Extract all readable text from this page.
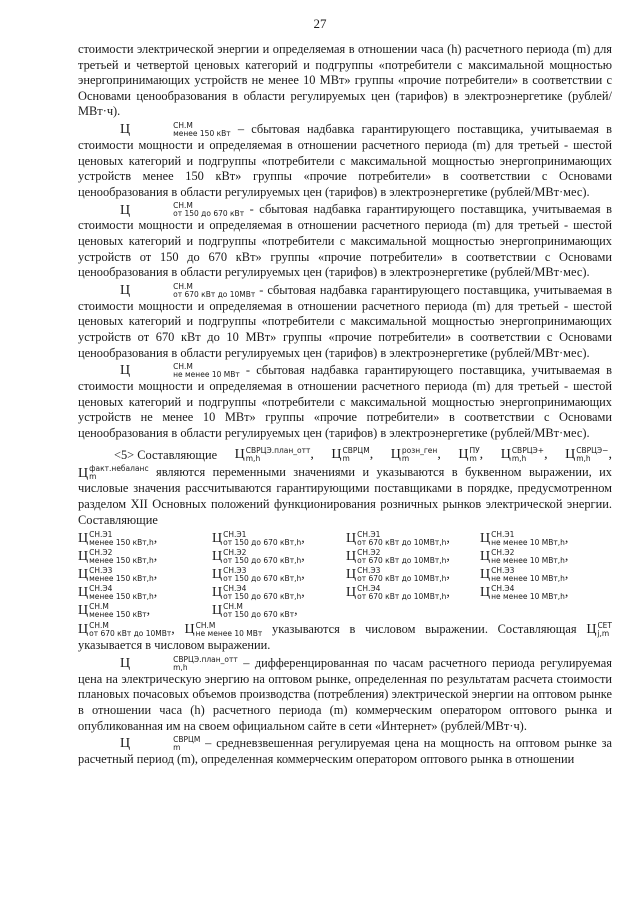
27

стоимости электрической энергии и определяемая в отношении часа (h) расчетного периода (m) для третьей и четвертой ценовых категорий и подгруппы «потребители с максимальной мощностью энергопринимающих устройств не менее 10 МВт» группы «прочие потребители» в соответствии с Основами ценообразования в области регулируемых цен (тарифов) в электроэнергетике (рублей/МВт·ч).

Ц	СН.М
менее 150 кВт – сбытовая надбавка гарантирующего поставщика, учитываемая в стоимости мощности и определяемая в отношении расчетного периода (m) для третьей - шестой ценовых категорий и подгруппы «потребители с максимальной мощностью энергопринимающих устройств менее 150 кВт» группы «прочие потребители» в соответствии с Основами ценообразования в области регулируемых цен (тарифов) в электроэнергетике (рублей/МВт·мес).

Ц	СН.М
от 150 до 670 кВт - сбытовая надбавка гарантирующего поставщика, учитываемая в стоимости мощности и определяемая в отношении расчетного периода (m) для третьей - шестой ценовых категорий и подгруппы «потребители с максимальной мощностью энергопринимающих устройств от 150 до 670 кВт» группы «прочие потребители» в соответствии с Основами ценообразования в области регулируемых цен (тарифов) в электроэнергетике (рублей/МВт·мес).

Ц	СН.М
от 670 кВт до 10МВт - сбытовая надбавка гарантирующего поставщика, учитываемая в стоимости мощности и определяемая в отношении расчетного периода (m) для третьей - шестой ценовых категорий и подгруппы «потребители с максимальной мощностью энергопринимающих устройств от 670 кВт до 10 МВт» группы «прочие потребители» в соответствии с Основами ценообразования в области регулируемых цен (тарифов) в электроэнергетике (рублей/МВт·мес).

Ц	СН.М
не менее 10 МВт - сбытовая надбавка гарантирующего поставщика, учитываемая в стоимости мощности и определяемая в отношении расчетного периода (m) для третьей - шестой ценовых категорий и подгруппы «потребители с максимальной мощностью энергопринимающих устройств не менее 10 МВт» группы «прочие потребители» в соответствии с Основами ценообразования в области регулируемых цен (тарифов) в электроэнергетике (рублей/МВт·мес).

<5> Составляющие Ц СВРЦЭ.план_отт
m,h	, Ц СВРЦМ
m	, Ц розн_ген
m	, Ц ПУ
m , Ц СВРЦЭ+
m,h	, Ц СВРЦЭ−
m,h	,

Ц факт.небаланс
m	являются переменными значениями и указываются в буквенном выражении, их числовые значения рассчитываются гарантирующими поставщиками в порядке, предусмотренном разделом XII Основных положений функционирования розничных рынков электрической энергии. Составляющие

Ц СН.Э1
менее 150 кВт,h ,	Ц СН.Э1
от 150 до 670 кВт,h ,	Ц СН.Э1
от 670 кВт до 10МВт,h ,	Ц СН.Э1
не менее 10 МВт,h ,
Ц СН.Э2
менее 150 кВт,h ,	Ц СН.Э2
от 150 до 670 кВт,h ,	Ц СН.Э2
от 670 кВт до 10МВт,h ,	Ц СН.Э2
не менее 10 МВт,h ,
Ц СН.Э3
менее 150 кВт,h ,	Ц СН.Э3
от 150 до 670 кВт,h ,	Ц СН.Э3
от 670 кВт до 10МВт,h ,	Ц СН.Э3
не менее 10 МВт,h ,
Ц СН.Э4
менее 150 кВт,h ,	Ц СН.Э4
от 150 до 670 кВт,h ,	Ц СН.Э4
от 670 кВт до 10МВт,h ,	Ц СН.Э4
не менее 10 МВт,h ,
Ц СН.М
менее 150 кВт ,	Ц СН.М
от 150 до 670 кВт ,

Ц СН.М
от 670 кВт до 10МВт , Ц СН.М
не менее 10 МВт указываются в числовом выражении. Составляющая Ц СЕТ
j,m
указывается в числовом выражении.

Ц	СВРЦЭ.план_отт
m,h	– дифференцированная по часам расчетного периода регулируемая цена на электрическую энергию на оптовом рынке, определенная по результатам расчета стоимости плановых почасовых объемов производства (потребления) электрической энергии на оптовом рынке в отношении часа (h) расчетного периода (m) коммерческим оператором оптового рынка и опубликованная им на своем официальном сайте в сети «Интернет» (рублей/МВт·ч).

Ц	СВРЦМ
m	– средневзвешенная регулируемая цена на мощность на оптовом рынке за расчетный период (m), определенная коммерческим оператором оптового рынка в отношении
